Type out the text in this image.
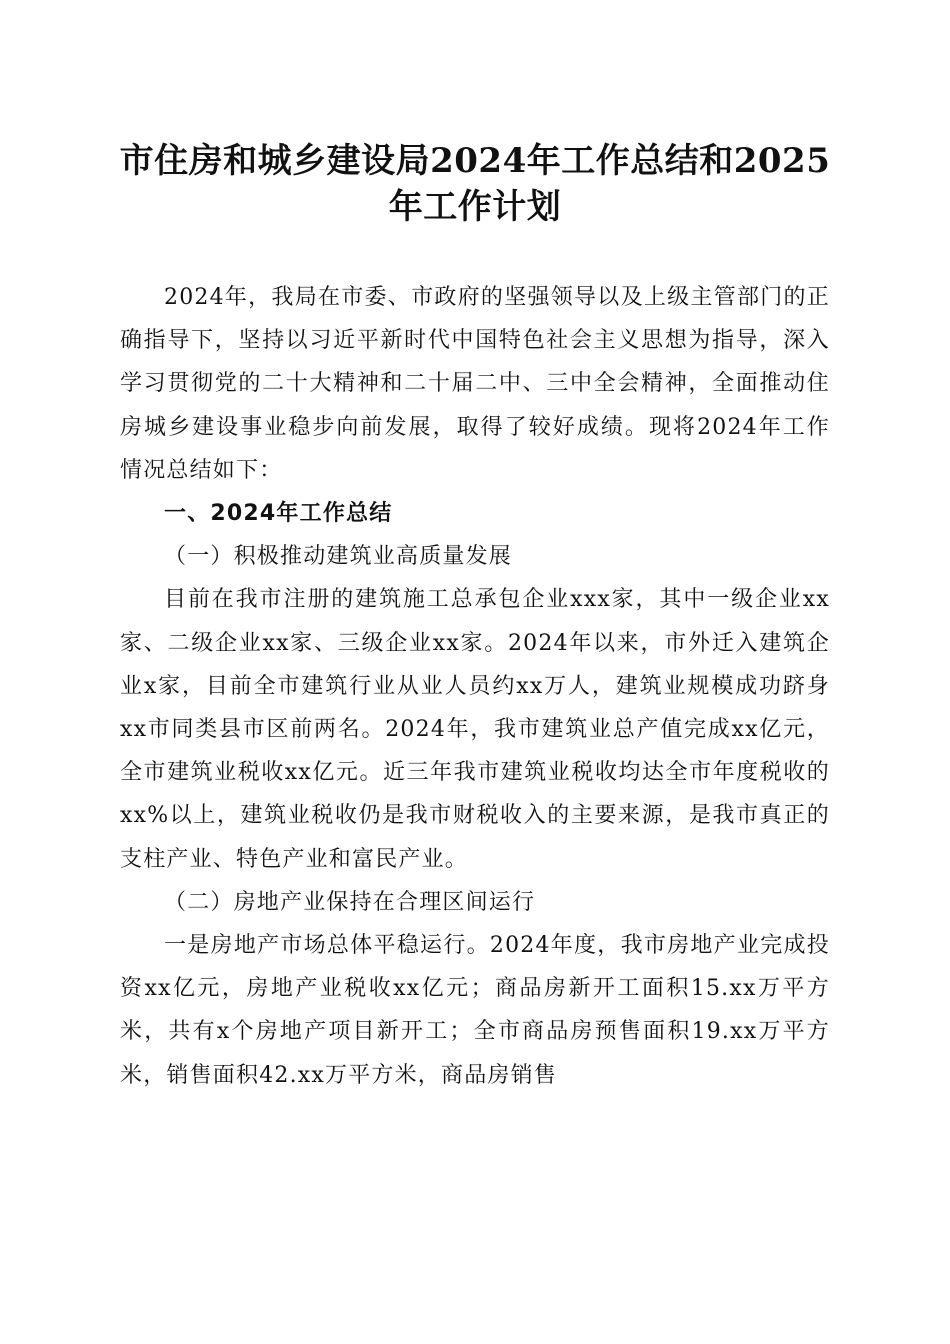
市住房和城乡建设局2024年工作总结和2025年工作计划

2024年，我局在市委、市政府的坚强领导以及上级主管部门的正确指导下，坚持以习近平新时代中国特色社会主义思想为指导，深入学习贯彻党的二十大精神和二十届二中、三中全会精神，全面推动住房城乡建设事业稳步向前发展，取得了较好成绩。现将2024年工作情况总结如下：

一、2024年工作总结

（一）积极推动建筑业高质量发展

目前在我市注册的建筑施工总承包企业xxx家，其中一级企业xx家、二级企业xx家、三级企业xx家。2024年以来，市外迁入建筑企业x家，目前全市建筑行业从业人员约xx万人，建筑业规模成功跻身xx市同类县市区前两名。2024年，我市建筑业总产值完成xx亿元，全市建筑业税收xx亿元。近三年我市建筑业税收均达全市年度税收的xx%以上，建筑业税收仍是我市财税收入的主要来源，是我市真正的支柱产业、特色产业和富民产业。

（二）房地产业保持在合理区间运行

一是房地产市场总体平稳运行。2024年度，我市房地产业完成投资xx亿元，房地产业税收xx亿元；商品房新开工面积15.xx万平方米，共有x个房地产项目新开工；全市商品房预售面积19.xx万平方米，销售面积42.xx万平方米，商品房销售
